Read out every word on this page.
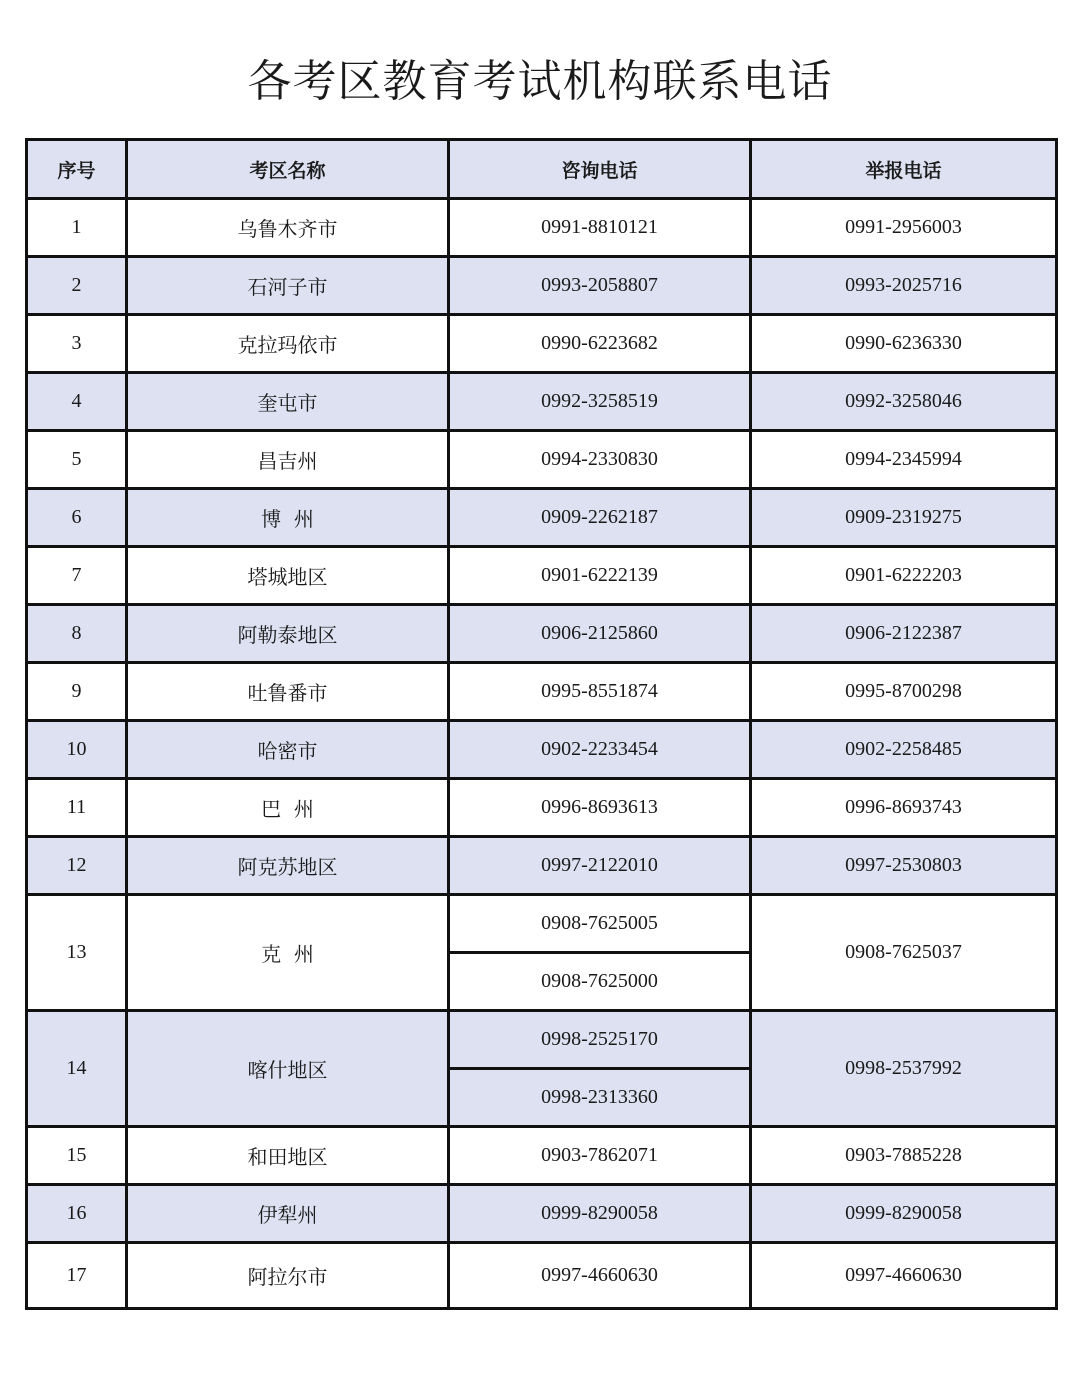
各考区教育考试机构联系电话
序号	考区名称	咨询电话	举报电话
1	乌鲁木齐市	0991-8810121	0991-2956003
2	石河子市	0993-2058807	0993-2025716
3	克拉玛依市	0990-6223682	0990-6236330
4	奎屯市	0992-3258519	0992-3258046
5	昌吉州	0994-2330830	0994-2345994
6	博  州	0909-2262187	0909-2319275
7	塔城地区	0901-6222139	0901-6222203
8	阿勒泰地区	0906-2125860	0906-2122387
9	吐鲁番市	0995-8551874	0995-8700298
10	哈密市	0902-2233454	0902-2258485
11	巴  州	0996-8693613	0996-8693743
12	阿克苏地区	0997-2122010	0997-2530803
13	克  州	0908-7625005	0908-7625037
		0908-7625000	
14	喀什地区	0998-2525170	0998-2537992
		0998-2313360	
15	和田地区	0903-7862071	0903-7885228
16	伊犁州	0999-8290058	0999-8290058
17	阿拉尔市	0997-4660630	0997-4660630
